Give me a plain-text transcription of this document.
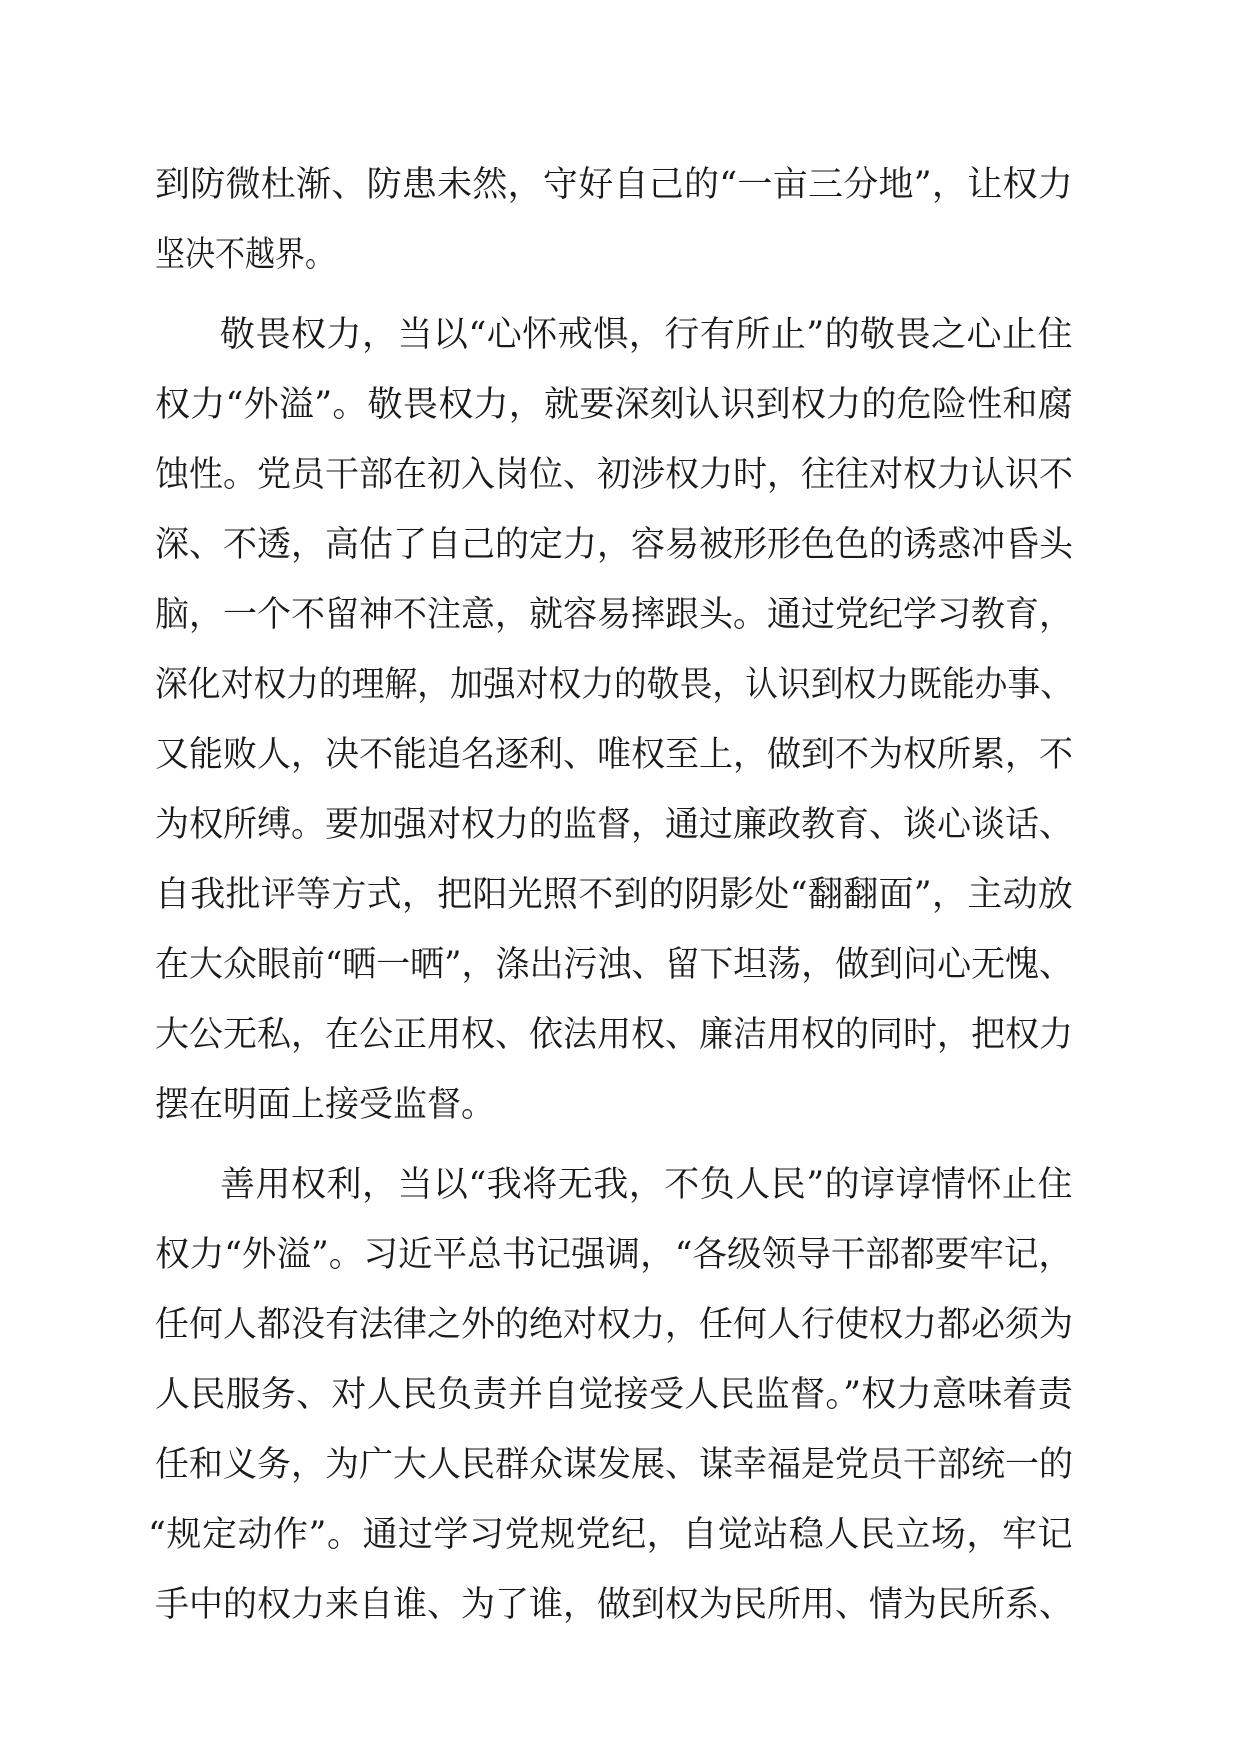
到防微杜渐、防患未然，守好自己的“一亩三分地”，让权力
坚决不越界。
敬畏权力，当以“心怀戒惧，行有所止”的敬畏之心止住
权力“外溢”。敬畏权力，就要深刻认识到权力的危险性和腐
蚀性。党员干部在初入岗位、初涉权力时，往往对权力认识不
深、不透，高估了自己的定力，容易被形形色色的诱惑冲昏头
脑，一个不留神不注意，就容易摔跟头。通过党纪学习教育，
深化对权力的理解，加强对权力的敬畏，认识到权力既能办事、
又能败人，决不能追名逐利、唯权至上，做到不为权所累，不
为权所缚。要加强对权力的监督，通过廉政教育、谈心谈话、
自我批评等方式，把阳光照不到的阴影处“翻翻面”，主动放
在大众眼前“晒一晒”，涤出污浊、留下坦荡，做到问心无愧、
大公无私，在公正用权、依法用权、廉洁用权的同时，把权力
摆在明面上接受监督。
善用权利，当以“我将无我，不负人民”的谆谆情怀止住
权力“外溢”。习近平总书记强调，“各级领导干部都要牢记，
任何人都没有法律之外的绝对权力，任何人行使权力都必须为
人民服务、对人民负责并自觉接受人民监督。”权力意味着责
任和义务，为广大人民群众谋发展、谋幸福是党员干部统一的
“规定动作”。通过学习党规党纪，自觉站稳人民立场，牢记
手中的权力来自谁、为了谁，做到权为民所用、情为民所系、
